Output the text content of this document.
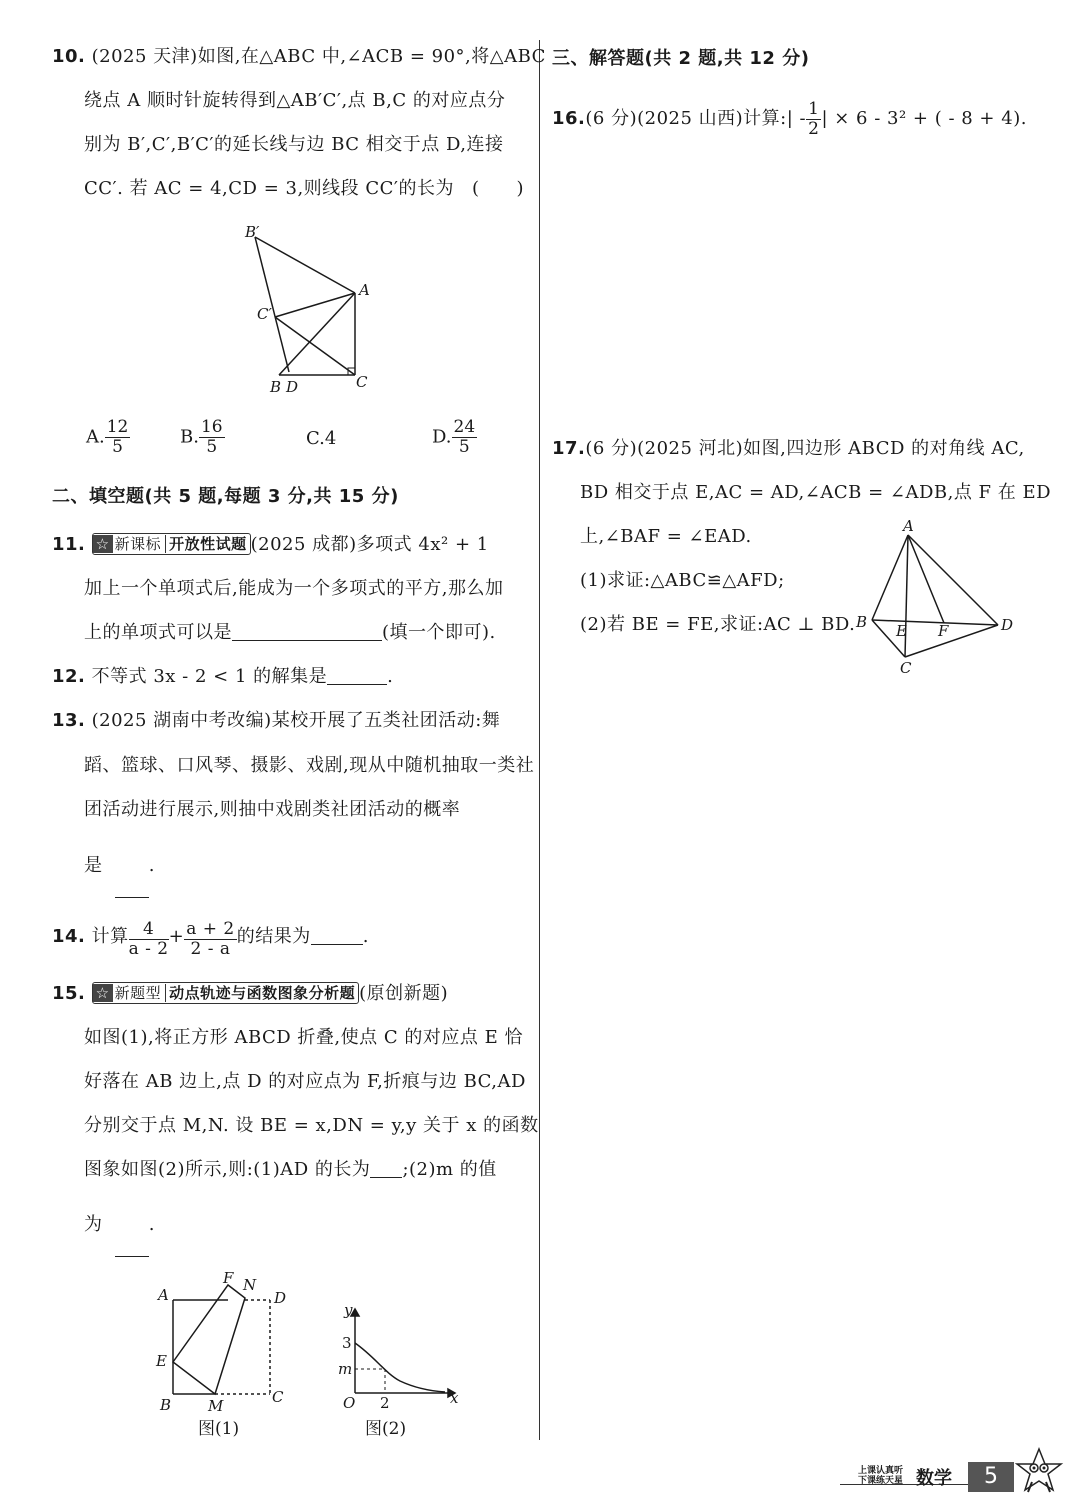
10. (2025 天津)如图,在△ABC 中,∠ACB = 90°,将△ABC
绕点 A 顺时针旋转得到△AB′C′,点 B,C 的对应点分
别为 B′,C′,B′C′的延长线与边 BC 相交于点 D,连接
CC′. 若 AC = 4,CD = 3,则线段 CC′的长为 (　　)
B′
A
C′
B D	C
A. $\frac{12}{5}$	B. $\frac{16}{5}$	C.4	D. $\frac{24}{5}$
二、填空题(共 5 题,每题 3 分,共 15 分)
11. ☆ 新课标 开放性试题 (2025 成都)多项式 4x² + 1
加上一个单项式后,能成为一个多项式的平方,那么加
上的单项式可以是	(填一个即可).
12. 不等式 3x - 2 < 1 的解集是	.
13. (2025 湖南中考改编)某校开展了五类社团活动:舞
蹈、篮球、口风琴、摄影、戏剧,现从中随机抽取一类社
团活动进行展示,则抽中戏剧类社团活动的概率
是	.
14. 计算 $\frac{4}{a - 2} + \frac{a + 2}{2 - a}$ 的结果为	.
15. ☆ 新题型 动点轨迹与函数图象分析题 (原创新题)
如图(1),将正方形 ABCD 折叠,使点 C 的对应点 E 恰
好落在 AB 边上,点 D 的对应点为 F,折痕与边 BC,AD
分别交于点 M,N. 设 BE = x,DN = y,y 关于 x 的函数
图象如图(2)所示,则:(1)AD 的长为 ;(2)m 的值
为	.
A
F N
D
E
B M	C
图(1)
y
3
m
O 2	x
图(2)
三、解答题(共 2 题,共 12 分)
16.(6 分)(2025 山西)计算:| - $\frac{1}{2}$ | × 6 - 3² + ( - 8 + 4).
17.(6 分)(2025 河北)如图,四边形 ABCD 的对角线 AC,
BD 相交于点 E,AC = AD,∠ACB = ∠ADB,点 F 在 ED
上,∠BAF = ∠EAD.
(1)求证:△ABC≌△AFD;
(2)若 BE = FE,求证:AC ⊥ BD.
A
B E F	D
C
上课认真听
下课练天星 数学	5
